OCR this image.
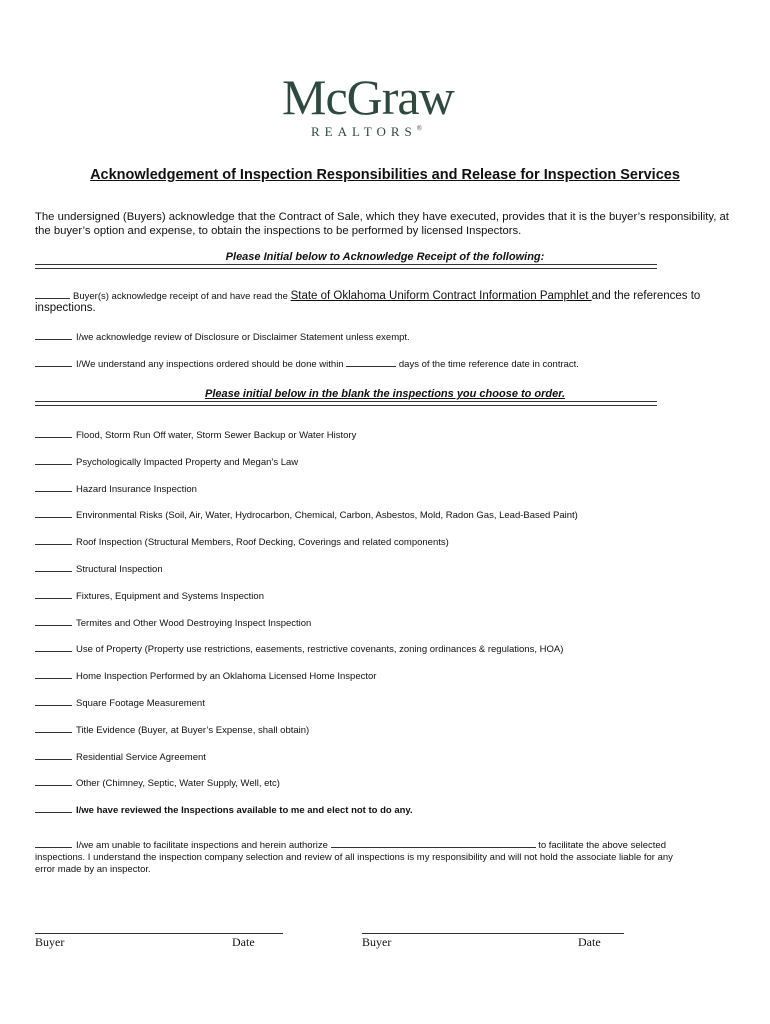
McGraw
REALTORS®
Acknowledgement of Inspection Responsibilities and Release for Inspection Services
The undersigned (Buyers) acknowledge that the Contract of Sale, which they have executed, provides that it is the buyer’s responsibility, at the buyer’s option and expense, to obtain the inspections to be performed by licensed Inspectors.
Please Initial below to Acknowledge Receipt of the following:
Buyer(s) acknowledge receipt of and have read the State of Oklahoma Uniform Contract Information Pamphlet and the references to
inspections.
I/we acknowledge review of Disclosure or Disclaimer Statement unless exempt.
I/We understand any inspections ordered should be done within	days of the time reference date in contract.
Please initial below in the blank the inspections you choose to order.
Flood, Storm Run Off water, Storm Sewer Backup or Water History
Psychologically Impacted Property and Megan’s Law
Hazard Insurance Inspection
Environmental Risks (Soil, Air, Water, Hydrocarbon, Chemical, Carbon, Asbestos, Mold, Radon Gas, Lead-Based Paint)
Roof Inspection (Structural Members, Roof Decking, Coverings and related components)
Structural Inspection
Fixtures, Equipment and Systems Inspection
Termites and Other Wood Destroying Inspect Inspection
Use of Property (Property use restrictions, easements, restrictive covenants, zoning ordinances & regulations, HOA)
Home Inspection Performed by an Oklahoma Licensed Home Inspector
Square Footage Measurement
Title Evidence (Buyer, at Buyer’s Expense, shall obtain)
Residential Service Agreement
Other (Chimney, Septic, Water Supply, Well, etc)
I/we have reviewed the Inspections available to me and elect not to do any.
I/we am unable to facilitate inspections and herein authorize	to facilitate the above selected
inspections. I understand the inspection company selection and review of all inspections is my responsibility and will not hold the associate liable for any
error made by an inspector.
Buyer	Date	Buyer	Date
